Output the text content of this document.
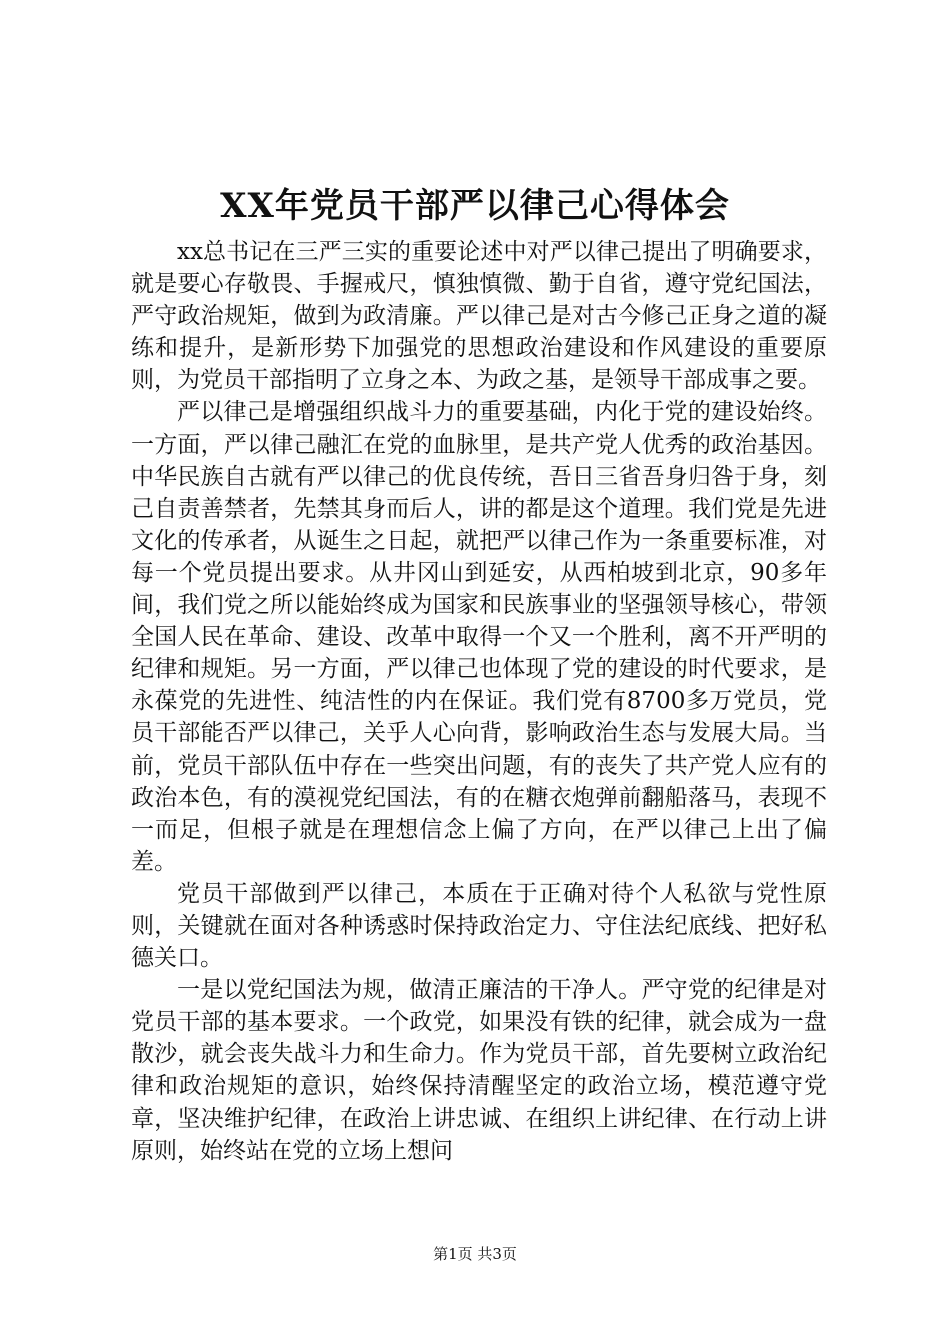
XX年党员干部严以律己心得体会

xx总书记在三严三实的重要论述中对严以律己提出了明确要求，就是要心存敬畏、手握戒尺，慎独慎微、勤于自省，遵守党纪国法，严守政治规矩，做到为政清廉。严以律己是对古今修己正身之道的凝练和提升，是新形势下加强党的思想政治建设和作风建设的重要原则，为党员干部指明了立身之本、为政之基，是领导干部成事之要。

严以律己是增强组织战斗力的重要基础，内化于党的建设始终。一方面，严以律己融汇在党的血脉里，是共产党人优秀的政治基因。中华民族自古就有严以律己的优良传统，吾日三省吾身归咎于身，刻己自责善禁者，先禁其身而后人，讲的都是这个道理。我们党是先进文化的传承者，从诞生之日起，就把严以律己作为一条重要标准，对每一个党员提出要求。从井冈山到延安，从西柏坡到北京，90多年间，我们党之所以能始终成为国家和民族事业的坚强领导核心，带领全国人民在革命、建设、改革中取得一个又一个胜利，离不开严明的纪律和规矩。另一方面，严以律己也体现了党的建设的时代要求，是永葆党的先进性、纯洁性的内在保证。我们党有8700多万党员，党员干部能否严以律己，关乎人心向背，影响政治生态与发展大局。当前，党员干部队伍中存在一些突出问题，有的丧失了共产党人应有的政治本色，有的漠视党纪国法，有的在糖衣炮弹前翻船落马，表现不一而足，但根子就是在理想信念上偏了方向，在严以律己上出了偏差。

党员干部做到严以律己，本质在于正确对待个人私欲与党性原则，关键就在面对各种诱惑时保持政治定力、守住法纪底线、把好私德关口。

一是以党纪国法为规，做清正廉洁的干净人。严守党的纪律是对党员干部的基本要求。一个政党，如果没有铁的纪律，就会成为一盘散沙，就会丧失战斗力和生命力。作为党员干部，首先要树立政治纪律和政治规矩的意识，始终保持清醒坚定的政治立场，模范遵守党章，坚决维护纪律，在政治上讲忠诚、在组织上讲纪律、在行动上讲原则，始终站在党的立场上想问

第1页 共3页
